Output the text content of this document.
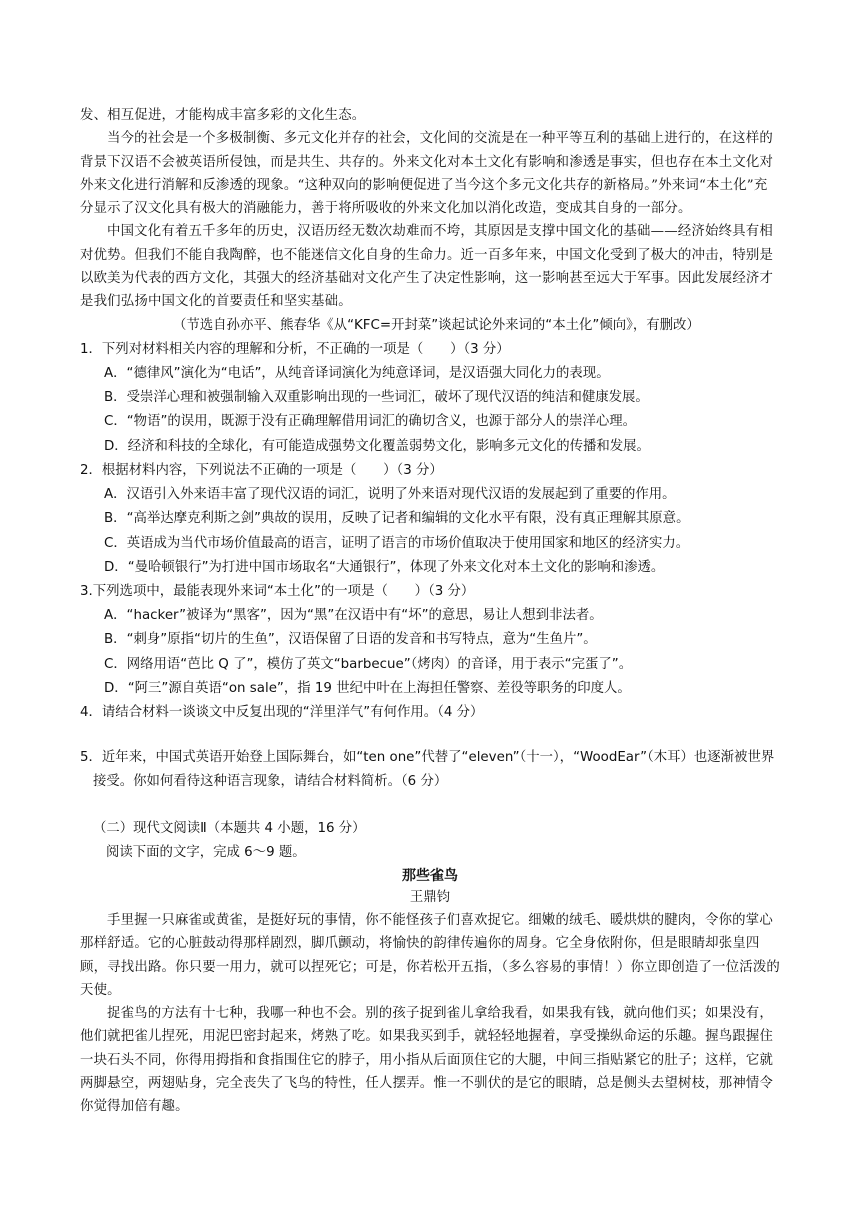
发、相互促进，才能构成丰富多彩的文化生态。

当今的社会是一个多极制衡、多元文化并存的社会，文化间的交流是在一种平等互利的基础上进行的，在这样的背景下汉语不会被英语所侵蚀，而是共生、共存的。外来文化对本土文化有影响和渗透是事实，但也存在本土文化对外来文化进行消解和反渗透的现象。“这种双向的影响便促进了当今这个多元文化共存的新格局。”外来词“本土化”充分显示了汉文化具有极大的消融能力，善于将所吸收的外来文化加以消化改造，变成其自身的一部分。

中国文化有着五千多年的历史，汉语历经无数次劫难而不垮，其原因是支撑中国文化的基础——经济始终具有相对优势。但我们不能自我陶醉，也不能迷信文化自身的生命力。近一百多年来，中国文化受到了极大的冲击，特别是以欧美为代表的西方文化，其强大的经济基础对文化产生了决定性影响，这一影响甚至远大于军事。因此发展经济才是我们弘扬中国文化的首要责任和坚实基础。

（节选自孙亦平、熊春华《从“KFC=开封菜”谈起试论外来词的“本土化”倾向》，有删改）

1．下列对材料相关内容的理解和分析，不正确的一项是（　　）（3 分）

A．“德律风”演化为“电话”，从纯音译词演化为纯意译词，是汉语强大同化力的表现。

B．受崇洋心理和被强制输入双重影响出现的一些词汇，破坏了现代汉语的纯洁和健康发展。

C．“物语”的误用，既源于没有正确理解借用词汇的确切含义，也源于部分人的崇洋心理。

D．经济和科技的全球化，有可能造成强势文化覆盖弱势文化，影响多元文化的传播和发展。

2．根据材料内容，下列说法不正确的一项是（　　）（3 分）

A．汉语引入外来语丰富了现代汉语的词汇，说明了外来语对现代汉语的发展起到了重要的作用。

B．“高举达摩克利斯之剑”典故的误用，反映了记者和编辑的文化水平有限，没有真正理解其原意。

C．英语成为当代市场价值最高的语言，证明了语言的市场价值取决于使用国家和地区的经济实力。

D．“曼哈顿银行”为打进中国市场取名“大通银行”，体现了外来文化对本土文化的影响和渗透。

3.下列选项中，最能表现外来词“本土化”的一项是（　　）（3 分）

A．“hacker”被译为“黑客”，因为“黑”在汉语中有“坏”的意思，易让人想到非法者。

B．“刺身”原指“切片的生鱼”，汉语保留了日语的发音和书写特点，意为“生鱼片”。

C．网络用语“芭比 Q 了”，模仿了英文“barbecue”（烤肉）的音译，用于表示“完蛋了”。

D．“阿三”源自英语“on sale”，指 19 世纪中叶在上海担任警察、差役等职务的印度人。

4．请结合材料一谈谈文中反复出现的“洋里洋气”有何作用。（4 分）

5．近年来，中国式英语开始登上国际舞台，如“ten one”代替了“eleven”（十一），“WoodEar”（木耳）也逐渐被世界接受。你如何看待这种语言现象，请结合材料简析。（6 分）

（二）现代文阅读Ⅱ（本题共 4 小题，16 分）

阅读下面的文字，完成 6～9 题。

那些雀鸟

王鼎钧

手里握一只麻雀或黄雀，是挺好玩的事情，你不能怪孩子们喜欢捉它。细嫩的绒毛、暖烘烘的腱肉，令你的掌心那样舒适。它的心脏鼓动得那样剧烈，脚爪颤动，将愉快的韵律传遍你的周身。它全身依附你，但是眼睛却张皇四顾，寻找出路。你只要一用力，就可以捏死它；可是，你若松开五指，（多么容易的事情！）你立即创造了一位活泼的天使。

捉雀鸟的方法有十七种，我哪一种也不会。别的孩子捉到雀儿拿给我看，如果我有钱，就向他们买；如果没有，他们就把雀儿捏死，用泥巴密封起来，烤熟了吃。如果我买到手，就轻轻地握着，享受操纵命运的乐趣。握鸟跟握住一块石头不同，你得用拇指和食指围住它的脖子，用小指从后面顶住它的大腿，中间三指贴紧它的肚子；这样，它就两脚悬空，两翅贴身，完全丧失了飞鸟的特性，任人摆弄。惟一不驯伏的是它的眼睛，总是侧头去望树枝，那神情令你觉得加倍有趣。
